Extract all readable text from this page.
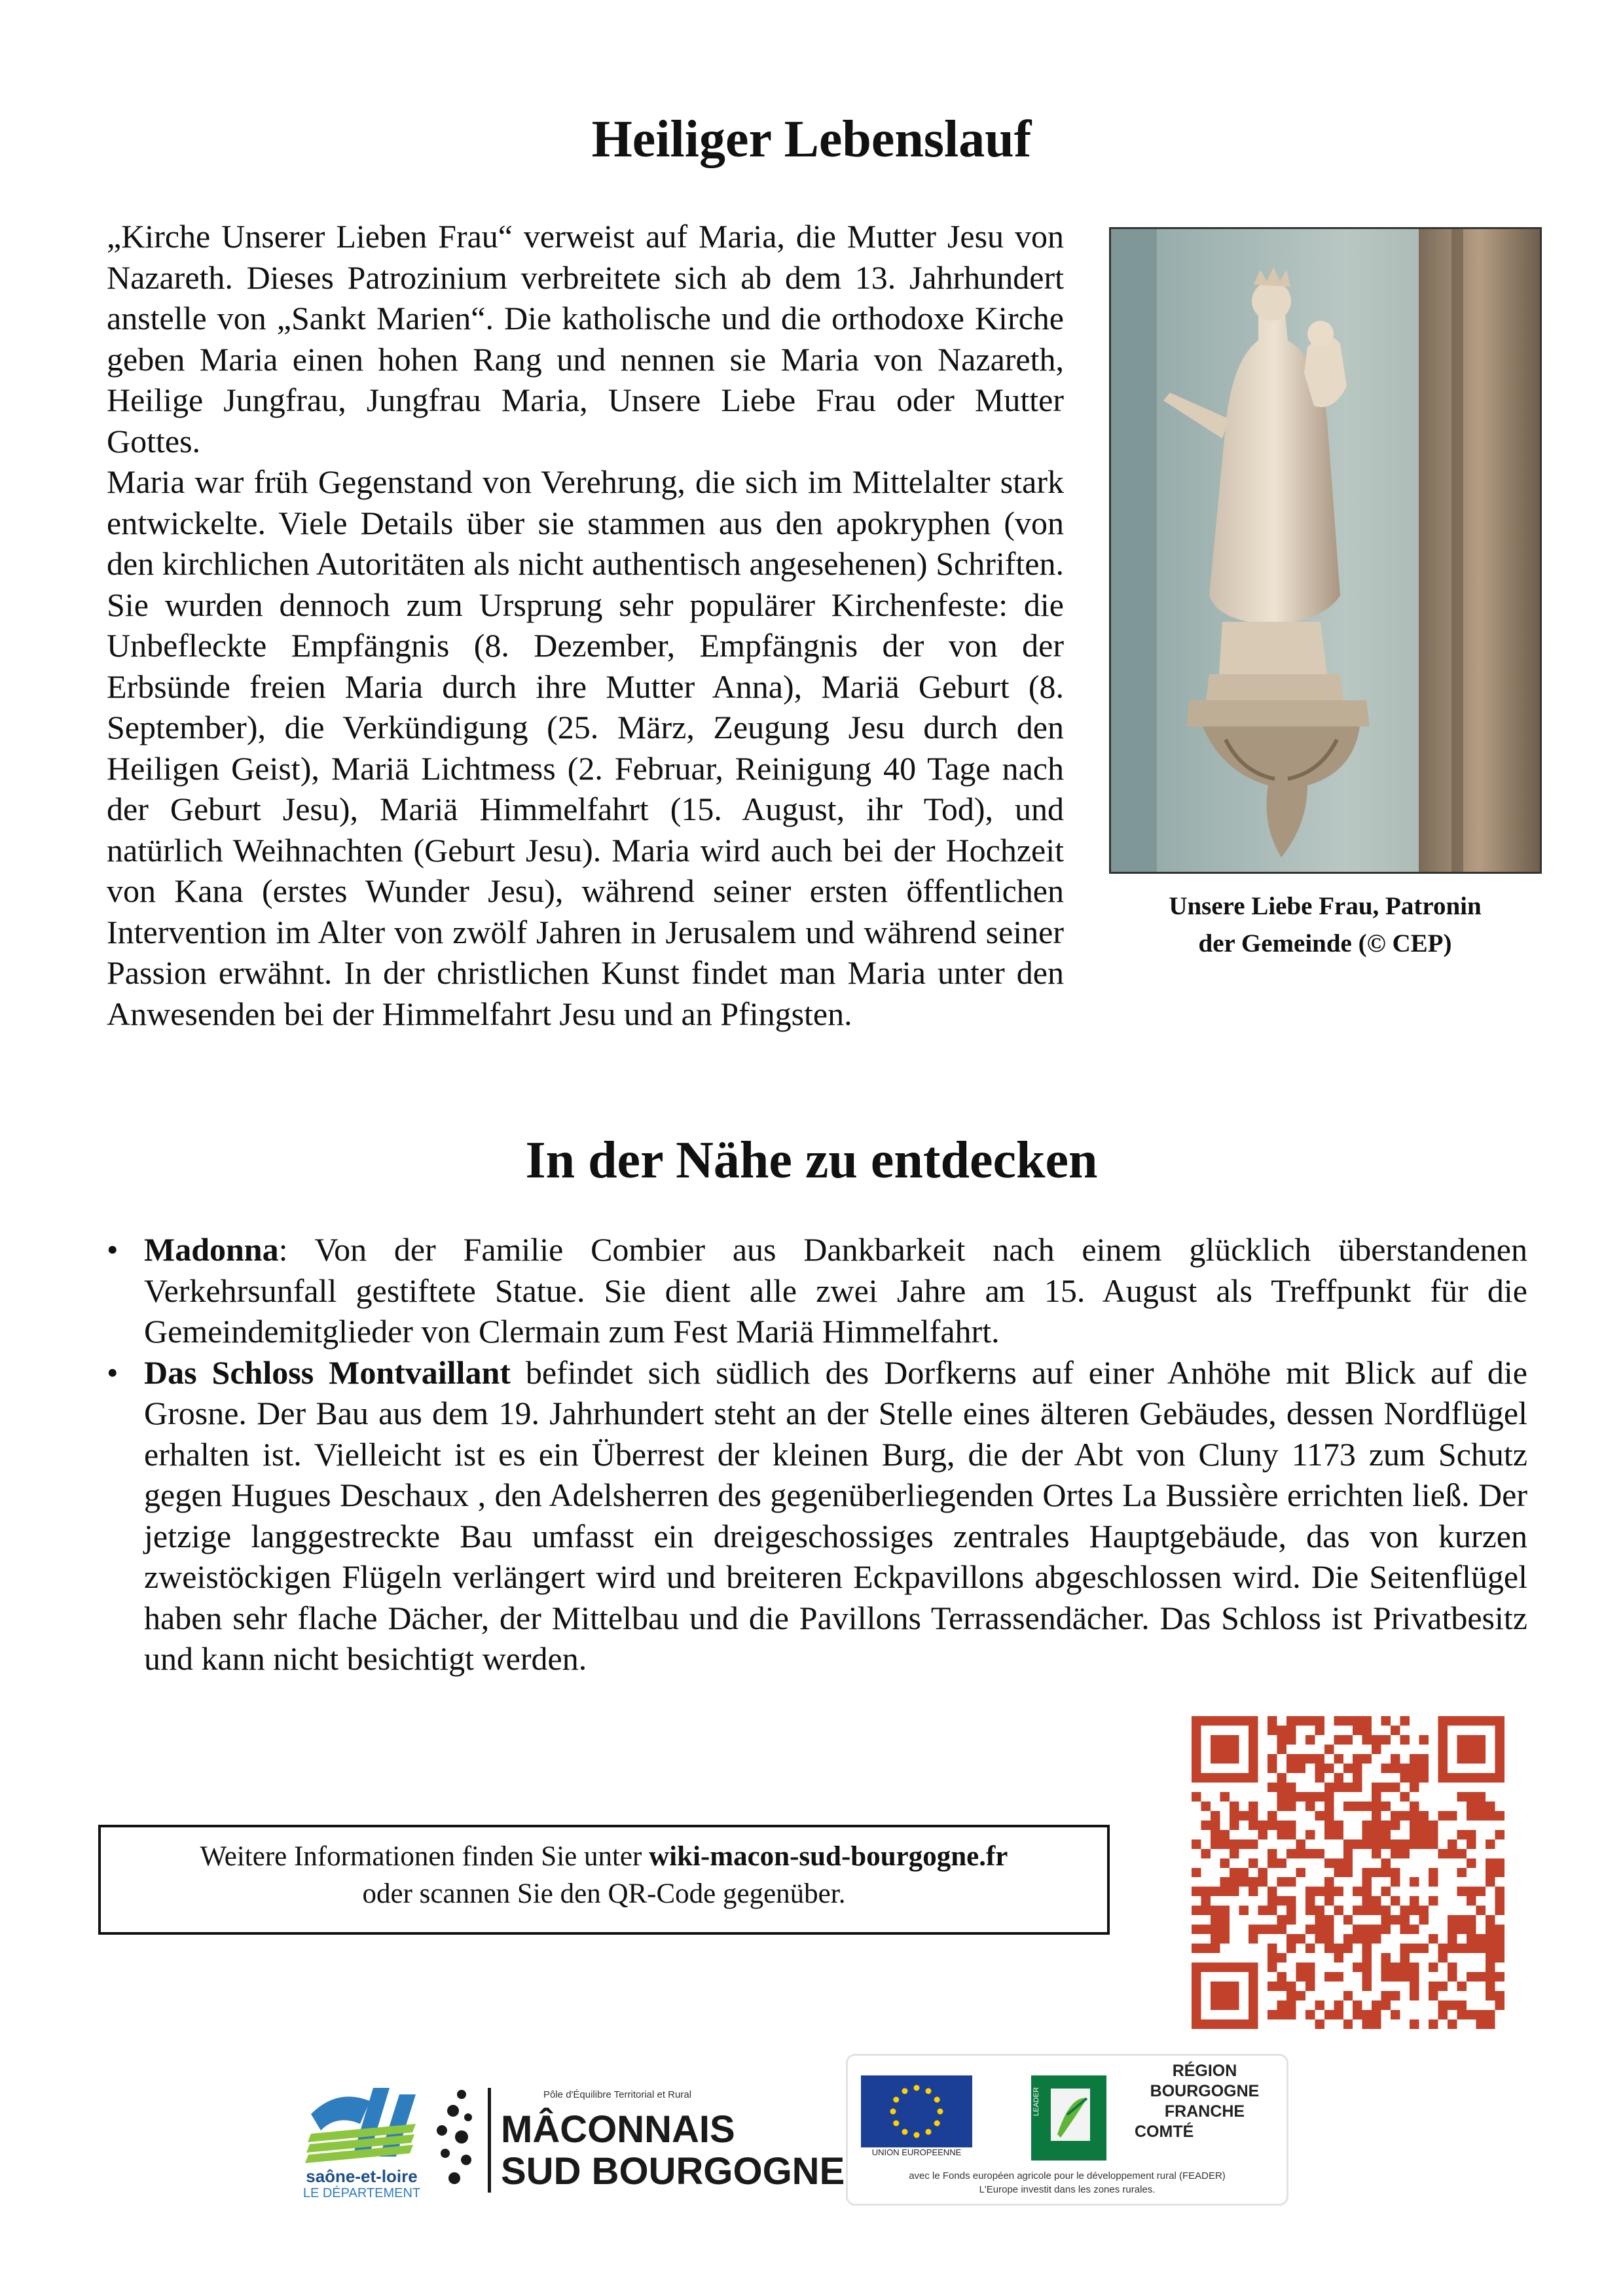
Heiliger Lebenslauf

„Kirche Unserer Lieben Frau“ verweist auf Maria, die Mutter Jesu von Nazareth. Dieses Patrozinium verbreitete sich ab dem 13. Jahrhundert anstelle von „Sankt Marien“. Die katholische und die orthodoxe Kirche geben Maria einen hohen Rang und nennen sie Maria von Nazareth, Heilige Jungfrau, Jungfrau Maria, Unsere Liebe Frau oder Mutter Gottes.

Maria war früh Gegenstand von Verehrung, die sich im Mittelalter stark entwickelte. Viele Details über sie stammen aus den apokryphen (von den kirchlichen Autoritäten als nicht authentisch angesehenen) Schriften. Sie wurden dennoch zum Ursprung sehr populärer Kirchenfeste: die Unbefleckte Empfängnis (8. Dezember, Empfängnis der von der Erbsünde freien Maria durch ihre Mutter Anna), Mariä Geburt (8. September), die Verkündigung (25. März, Zeugung Jesu durch den Heiligen Geist), Mariä Lichtmess (2. Februar, Reinigung 40 Tage nach der Geburt Jesu), Mariä Himmelfahrt (15. August, ihr Tod), und natürlich Weihnachten (Geburt Jesu). Maria wird auch bei der Hochzeit von Kana (erstes Wunder Jesu), während seiner ersten öffentlichen Intervention im Alter von zwölf Jahren in Jerusalem und während seiner Passion erwähnt. In der christlichen Kunst findet man Maria unter den Anwesenden bei der Himmelfahrt Jesu und an Pfingsten.

Unsere Liebe Frau, Patronin
der Gemeinde (© CEP)
In der Nähe zu entdecken
• Madonna: Von der Familie Combier aus Dankbarkeit nach einem glücklich überstandenen Verkehrsunfall gestiftete Statue. Sie dient alle zwei Jahre am 15. August als Treffpunkt für die Gemeindemitglieder von Clermain zum Fest Mariä Himmelfahrt.
• Das Schloss Montvaillant befindet sich südlich des Dorfkerns auf einer Anhöhe mit Blick auf die Grosne. Der Bau aus dem 19. Jahrhundert steht an der Stelle eines älteren Gebäudes, dessen Nordflügel erhalten ist. Vielleicht ist es ein Überrest der kleinen Burg, die der Abt von Cluny 1173 zum Schutz gegen Hugues Deschaux , den Adelsherren des gegenüberliegenden Ortes La Bussière errichten ließ. Der jetzige langgestreckte Bau umfasst ein dreigeschossiges zentrales Hauptgebäude, das von kurzen zweistöckigen Flügeln verlängert wird und breiteren Eckpavillons abgeschlossen wird. Die Seitenflügel haben sehr flache Dächer, der Mittelbau und die Pavillons Terrassendächer. Das Schloss ist Privatbesitz und kann nicht besichtigt werden.
Weitere Informationen finden Sie unter wiki-macon-sud-bourgogne.fr
oder scannen Sie den QR-Code gegenüber.
saône-et-loire
LE DÉPARTEMENT
Pôle d'Équilibre Territorial et Rural
MÂCONNAIS
SUD BOURGOGNE	UNION EUROPEENNE
LEADER
RÉGION
BOURGOGNE
FRANCHE
COMTÉ
avec le Fonds européen agricole pour le développement rural (FEADER)
L'Europe investit dans les zones rurales.
